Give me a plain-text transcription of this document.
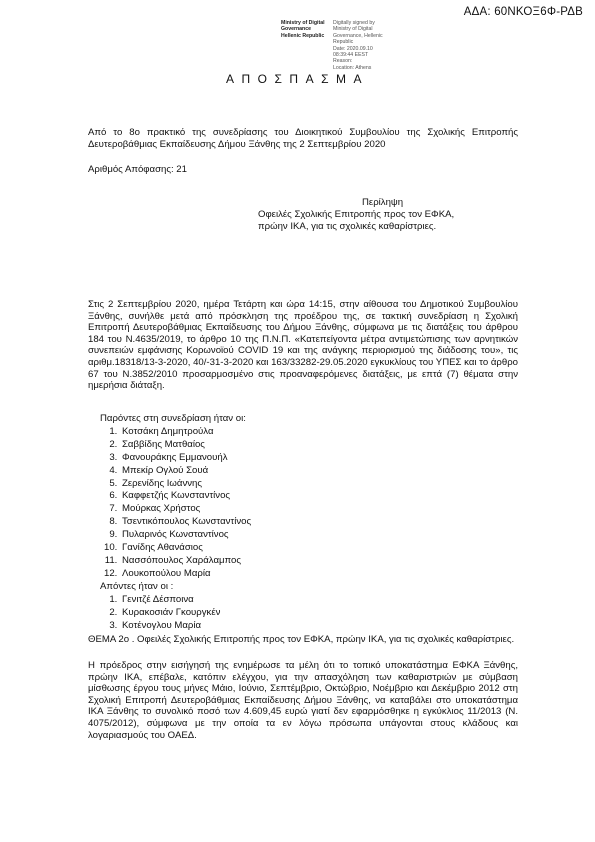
ΑΔΑ: 60ΝΚΟΞ6Φ-ΡΔΒ
Ministry of Digital
Governance
Hellenic Republic
Digitally signed by
Ministry of Digital
Governance, Hellenic
Republic
Date: 2020.09.10
08:39:44 EEST
Reason:
Location: Athens
ΑΠΟΣΠΑΣΜΑ

Από το 8ο πρακτικό της συνεδρίασης του Διοικητικού Συμβουλίου της Σχολικής Επιτροπής Δευτεροβάθμιας Εκπαίδευσης Δήμου Ξάνθης της 2 Σεπτεμβρίου 2020

Αριθμός Απόφασης: 21

Περίληψη
Οφειλές Σχολικής Επιτροπής προς τον ΕΦΚΑ,
πρώην ΙΚΑ, για τις σχολικές καθαρίστριες.

Στις 2 Σεπτεμβρίου 2020, ημέρα Τετάρτη και ώρα 14:15, στην αίθουσα του Δημοτικού Συμβουλίου Ξάνθης, συνήλθε μετά από πρόσκληση της προέδρου της, σε τακτική συνεδρίαση η Σχολική Επιτροπή Δευτεροβάθμιας Εκπαίδευσης του Δήμου Ξάνθης, σύμφωνα με τις διατάξεις του άρθρου 184 του Ν.4635/2019, το άρθρο 10 της Π.Ν.Π. «Κατεπείγοντα μέτρα αντιμετώπισης των αρνητικών συνεπειών εμφάνισης Κορωνοϊού COVID 19 και της ανάγκης περιορισμού της διάδοσης του», τις αριθμ.18318/13-3-2020, 40/-31-3-2020 και 163/33282-29.05.2020 εγκυκλίους του ΥΠΕΣ και το άρθρο 67 του Ν.3852/2010 προσαρμοσμένο στις προαναφερόμενες διατάξεις, με επτά (7) θέματα στην ημερήσια διάταξη.

Παρόντες στη συνεδρίαση ήταν οι:
1. Κοτσάκη Δημητρούλα
2. Σαββίδης Ματθαίος
3. Φανουράκης Εμμανουήλ
4. Μπεκίρ Ογλού Σουά
5. Ζερενίδης Ιωάννης
6. Καφφετζής Κωνσταντίνος
7. Μούρκας Χρήστος
8. Τσεντικόπουλος Κωνσταντίνος
9. Πυλαρινός Κωνσταντίνος
10. Γανίδης Αθανάσιος
11. Νασσόπουλος Χαράλαμπος
12. Λουκοπούλου Μαρία
Απόντες ήταν οι :
1. Γενιτζέ Δέσποινα
2. Κυρακοσιάν Γκουργκέν
3. Κοτένογλου Μαρία

ΘΕΜΑ 2ο . Οφειλές Σχολικής Επιτροπής προς τον ΕΦΚΑ, πρώην ΙΚΑ, για τις σχολικές καθαρίστριες.

Η πρόεδρος στην εισήγησή της ενημέρωσε τα μέλη ότι το τοπικό υποκατάστημα ΕΦΚΑ Ξάνθης, πρώην ΙΚΑ, επέβαλε, κατόπιν ελέγχου, για την απασχόληση των καθαριστριών με σύμβαση μίσθωσης έργου τους μήνες Μάιο, Ιούνιο, Σεπτέμβριο, Οκτώβριο, Νοέμβριο και Δεκέμβριο 2012 στη Σχολική Επιτροπή Δευτεροβάθμιας Εκπαίδευσης Δήμου Ξάνθης, να καταβάλει στο υποκατάστημα ΙΚΑ Ξάνθης το συνολικό ποσό των 4.609,45 ευρώ γιατί δεν εφαρμόσθηκε η εγκύκλιος 11/2013 (Ν. 4075/2012), σύμφωνα με την οποία τα εν λόγω πρόσωπα υπάγονται στους κλάδους και λογαριασμούς του ΟΑΕΔ.
